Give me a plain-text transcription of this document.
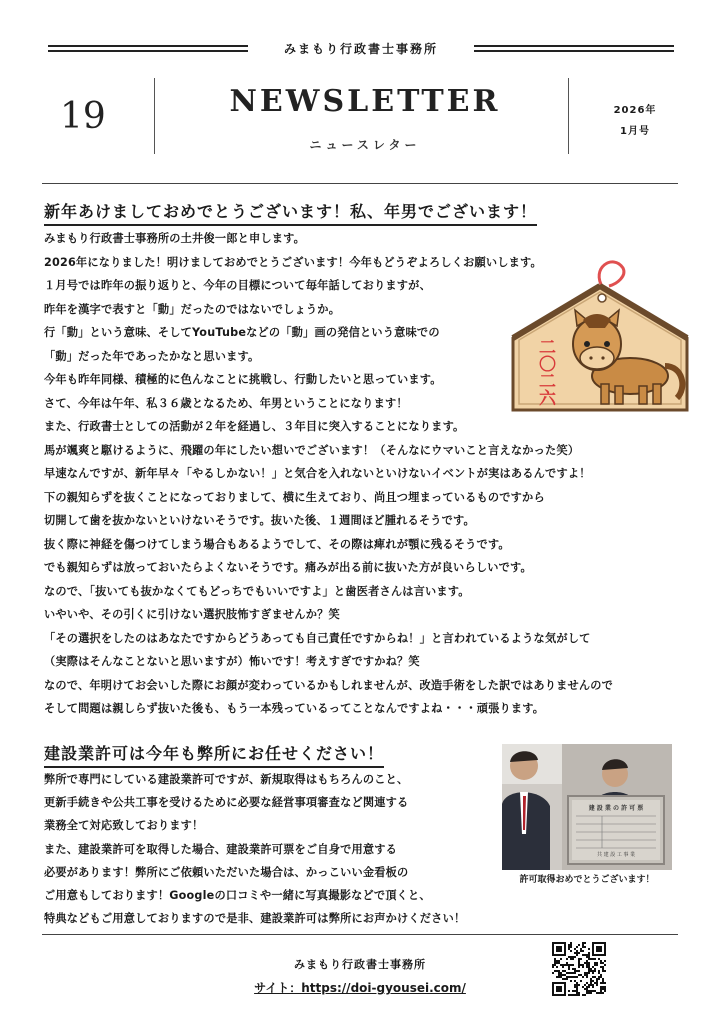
みまもり行政書士事務所
19	NEWSLETTER
ニュースレター
2026年
1月号
新年あけましておめでとうございます！私、年男でございます！
みまもり行政書士事務所の土井俊一郎と申します。
2026年になりました！明けましておめでとうございます！今年もどうぞよろしくお願いします。
１月号では昨年の振り返りと、今年の目標について毎年話しておりますが、
昨年を漢字で表すと「動」だったのではないでしょうか。
行「動」という意味、そしてYouTubeなどの「動」画の発信という意味での
「動」だった年であったかなと思います。
今年も昨年同様、積極的に色んなことに挑戦し、行動したいと思っています。
さて、今年は午年、私３６歳となるため、年男ということになります！
また、行政書士としての活動が２年を経過し、３年目に突入することになります。
馬が颯爽と駆けるように、飛躍の年にしたい想いでございます！（そんなにウマいこと言えなかった笑）
早速なんですが、新年早々「やるしかない！」と気合を入れないといけないイベントが実はあるんですよ！
下の親知らずを抜くことになっておりまして、横に生えており、尚且つ埋まっているものですから
切開して歯を抜かないといけないそうです。抜いた後、１週間ほど腫れるそうです。
抜く際に神経を傷つけてしまう場合もあるようでして、その際は痺れが顎に残るそうです。
でも親知らずは放っておいたらよくないそうです。痛みが出る前に抜いた方が良いらしいです。
なので、「抜いても抜かなくてもどっちでもいいですよ」と歯医者さんは言います。
いやいや、その引くに引けない選択肢怖すぎませんか？笑
「その選択をしたのはあなたですからどうあっても自己責任ですからね！」と言われているような気がして
（実際はそんなことないと思いますが）怖いです！考えすぎですかね？笑
なので、年明けてお会いした際にお顔が変わっているかもしれませんが、改造手術をした訳ではありませんので
そして問題は親しらず抜いた後も、もう一本残っているってことなんですよね・・・頑張ります。
二〇二六
建設業許可は今年も弊所にお任せください！
弊所で専門にしている建設業許可ですが、新規取得はもちろんのこと、
更新手続きや公共工事を受けるために必要な経営事項審査など関連する
業務全て対応致しております！
また、建設業許可を取得した場合、建設業許可票をご自身で用意する
必要があります！弊所にご依頼いただいた場合は、かっこいい金看板の
ご用意もしております！Googleの口コミや一緒に写真撮影などで頂くと、
特典などもご用意しておりますので是非、建設業許可は弊所にお声かけください！
建 設 業 の 許 可 票
共 建 設 工 事 業
許可取得おめでとうございます！
みまもり行政書士事務所
サイト：https://doi-gyousei.com/
